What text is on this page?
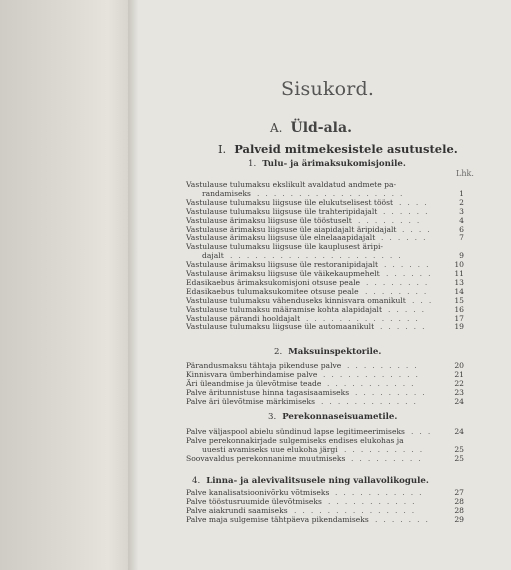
Sisukord.
A. Üld-ala.
I. Palveid mitmekesistele asutustele.
Lhk.
1. Tulu- ja ärimaksukomisjonile.
2. Maksuinspektorile.
3. Perekonnaseisuametile.
4. Linna- ja alevivalitsusele ning vallavolikogule.
Vastulause tulumaksu ekslikult avaldatud andmete pa-
randamiseks	1
..................
Vastulause tulumaksu liigsuse üle elukutselisest tööst	2
....
Vastulause tulumaksu liigsuse üle trahteripidajalt	3
......
Vastulause ärimaksu liigsuse üle tööstuselt	4
........
Vastulause ärimaksu liigsuse üle aiapidajalt äripidajalt	6
....
Vastulause ärimaksu liigsuse üle elnelaaapidajalt	7
......
Vastulause tulumaksu liigsuse üle kauplusest äripi-
dajalt	9
.....................
Vastulause ärimaksu liigsuse üle restoranipidajalt	10
......
Vastulause ärimaksu liigsuse üle väikekaupmehelt	11
......
Edasikaebus ärimaksukomisjoni otsuse peale	13
........
Edasikaebus tulumaksukomitee otsuse peale	14
........
Vastulause tulumaksu vähenduseks kinnisvara omanikult	15
...
Vastulause tulumaksu määramise kohta alapidajalt	16
.....
Vastulause pärandi hooldajalt	17
..............
Vastulause tulumaksu liigsuse üle automaanikult	19
......
Pärandusmaksu tähtaja pikenduse palve	20
.........
Kinnisvara ümberhindamise palve	21
............
Äri üleandmise ja ülevõtmise teade	22
...........
Palve äritunnistuse hinna tagasisaamiseks	23
.........
Palve äri ülevõtmise märkimiseks	24
............
Palve väljaspool abielu sündinud lapse legitimeerimiseks	24
...
Palve perekonnakirjade sulgemiseks endises elukohas ja
uuesti avamiseks uue elukoha järgi	25
..........
Soovavaldus perekonnanime muutmiseks	25
.........
Palve kanalisatsioonivõrku võtmiseks	27
...........
Palve tööstusruumide ülevõtmiseks	28
...........
Palve aiakrundi saamiseks	28
...............
Palve maja sulgemise tähtpäeva pikendamiseks	29
.......
